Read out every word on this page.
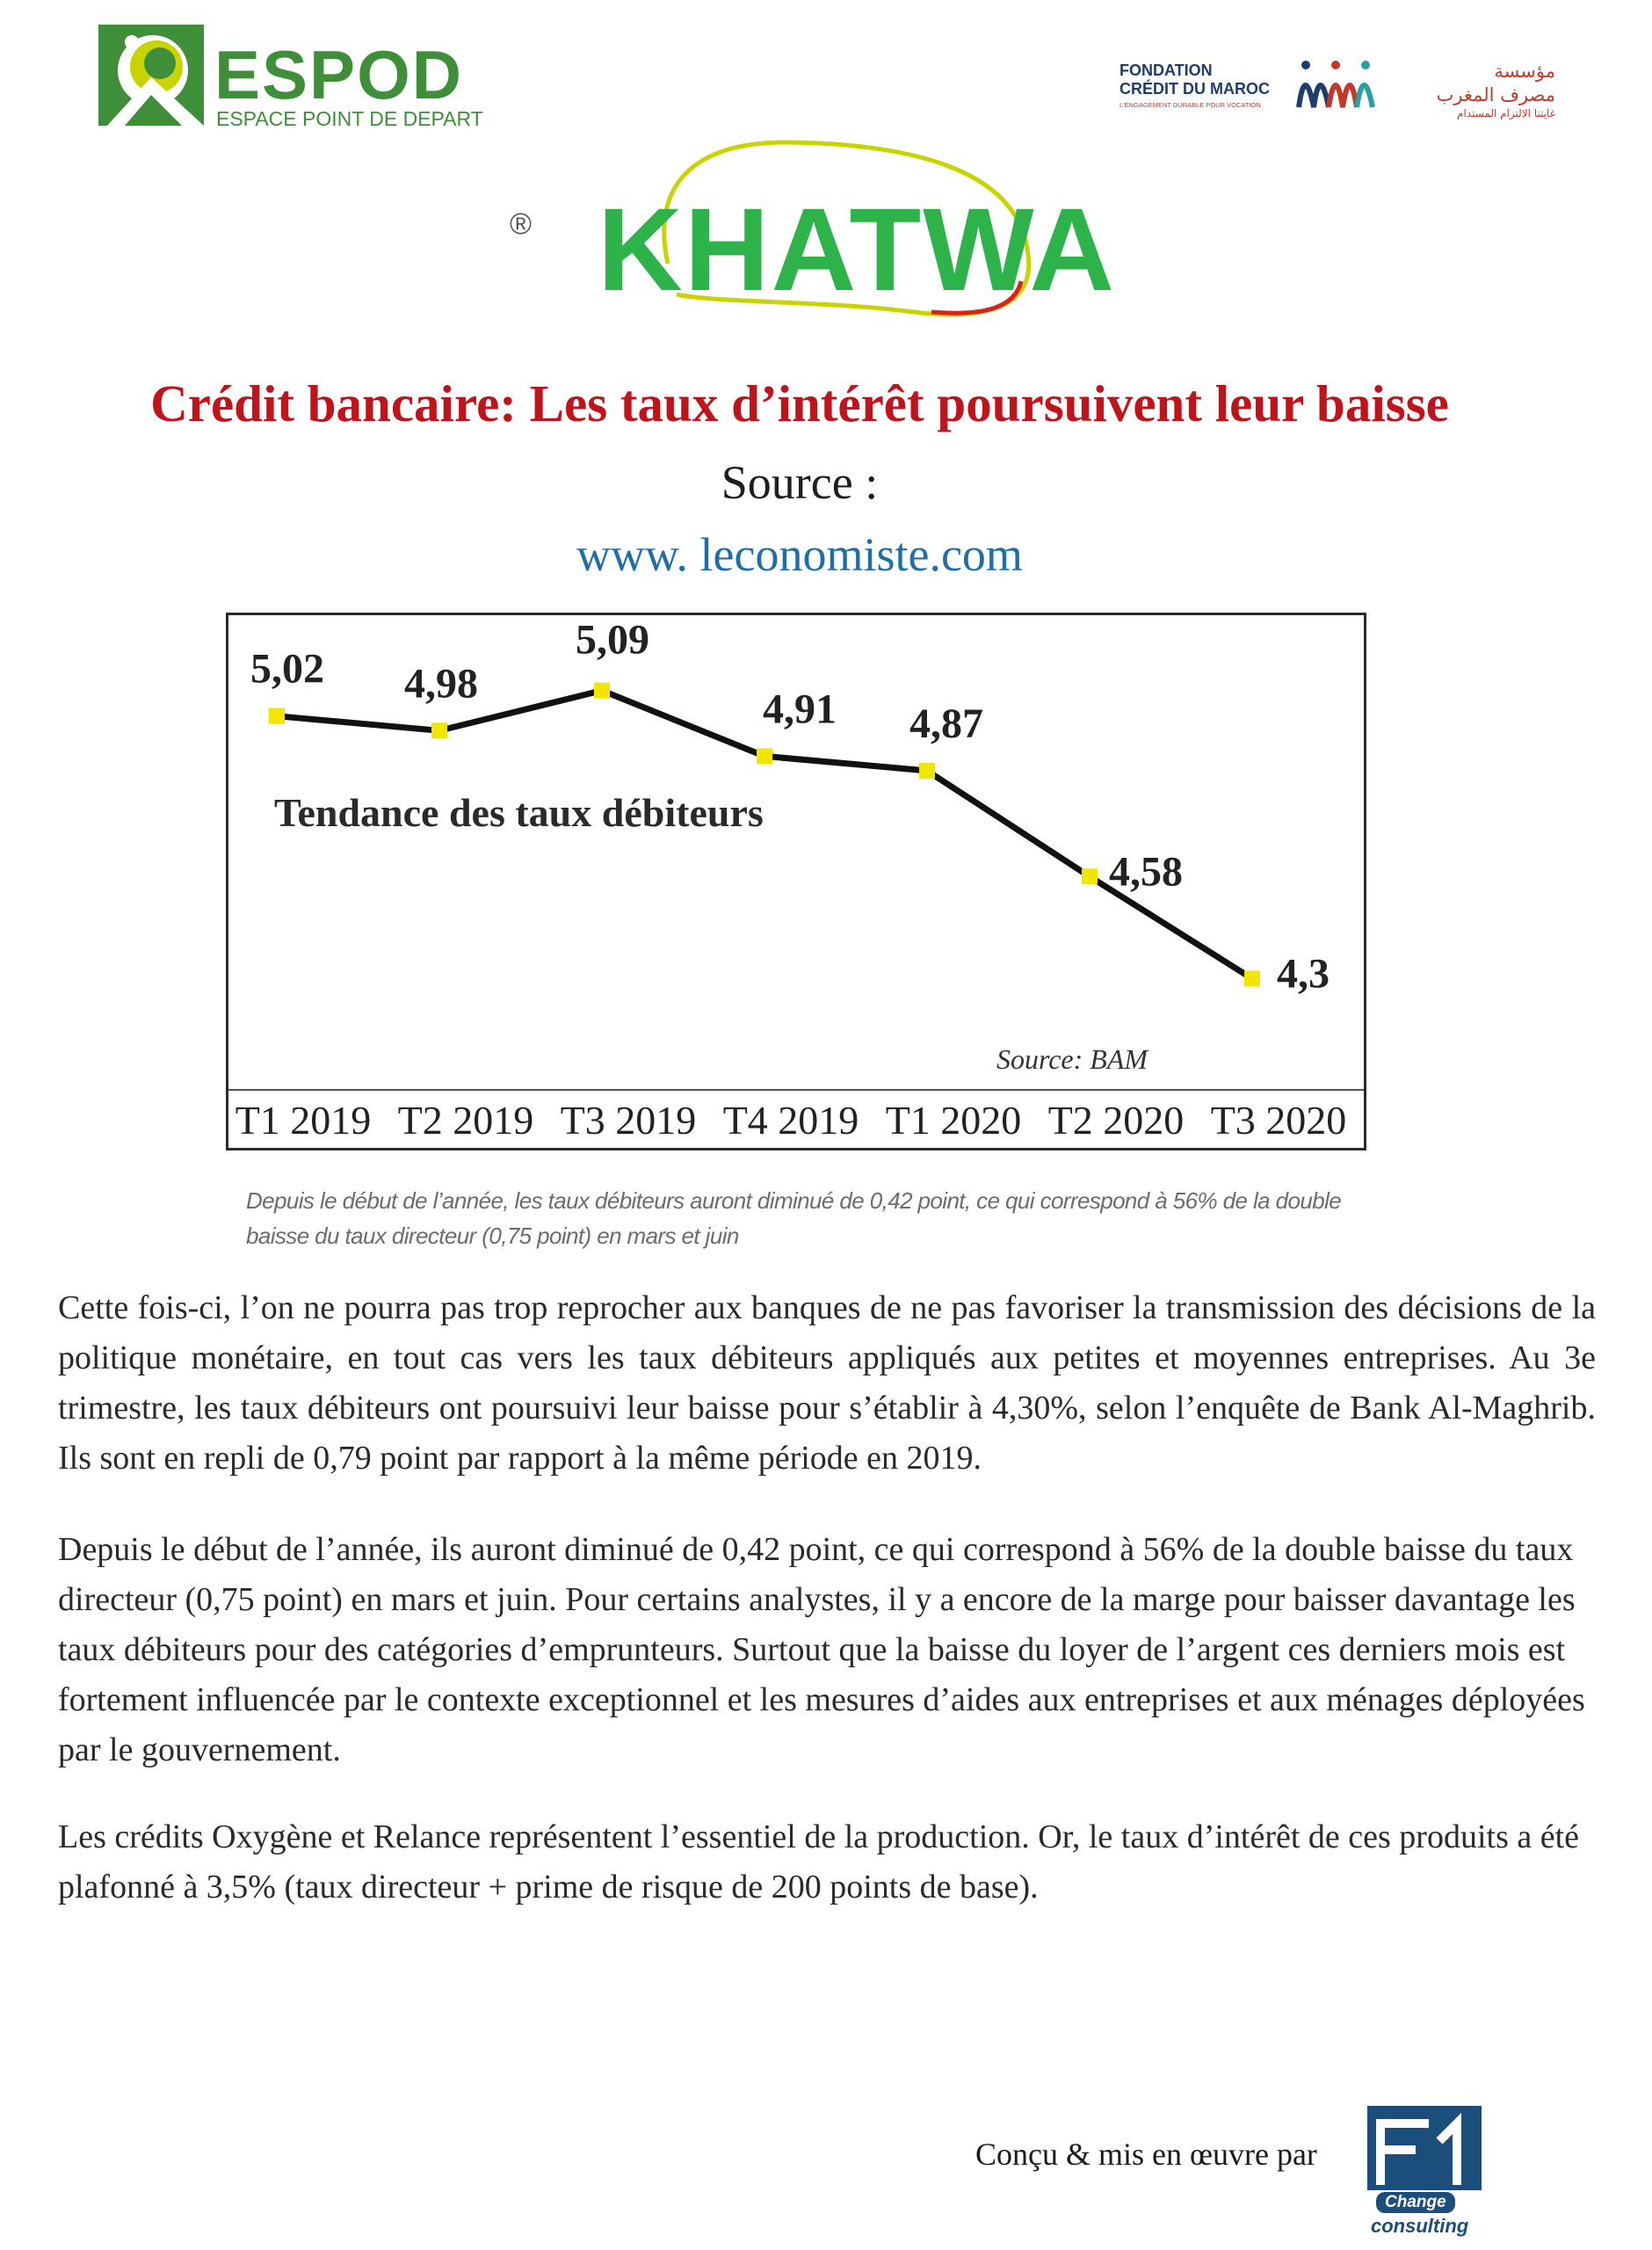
ESPOD
ESPACE POINT DE DEPART
FONDATION
CRÉDIT DU MAROC
L'ENGAGEMENT DURABLE POUR VOCATION
مؤسسة
مصرف المغرب
غايتنا الالتزام المستدام
® KHATWA
Crédit bancaire: Les taux d’intérêt poursuivent leur baisse
Source :
www. leconomiste.com
Tendance des taux débiteurs
Source: BAM
5,02 4,98
5,09
4,91 4,87
4,58
4,3
T1 2019 T2 2019 T3 2019 T4 2019 T1 2020 T2 2020 T3 2020
Depuis le début de l’année, les taux débiteurs auront diminué de 0,42 point, ce qui correspond à 56% de la double baisse du taux directeur (0,75 point) en mars et juin
Cette fois-ci, l’on ne pourra pas trop reprocher aux banques de ne pas favoriser la transmission des décisions de la politique monétaire, en tout cas vers les taux débiteurs appliqués aux petites et moyennes entreprises. Au 3e trimestre, les taux débiteurs ont poursuivi leur baisse pour s’établir à 4,30%, selon l’enquête de Bank Al-Maghrib. Ils sont en repli de 0,79 point par rapport à la même période en 2019.
Depuis le début de l’année, ils auront diminué de 0,42 point, ce qui correspond à 56% de la double baisse du taux directeur (0,75 point) en mars et juin. Pour certains analystes, il y a encore de la marge pour baisser davantage les taux débiteurs pour des catégories d’emprunteurs. Surtout que la baisse du loyer de l’argent ces derniers mois est fortement influencée par le contexte exceptionnel et les mesures d’aides aux entreprises et aux ménages déployées par le gouvernement.
Les crédits Oxygène et Relance représentent l’essentiel de la production. Or, le taux d’intérêt de ces produits a été plafonné à 3,5% (taux directeur + prime de risque de 200 points de base).
Conçu & mis en œuvre par
Change
consulting
